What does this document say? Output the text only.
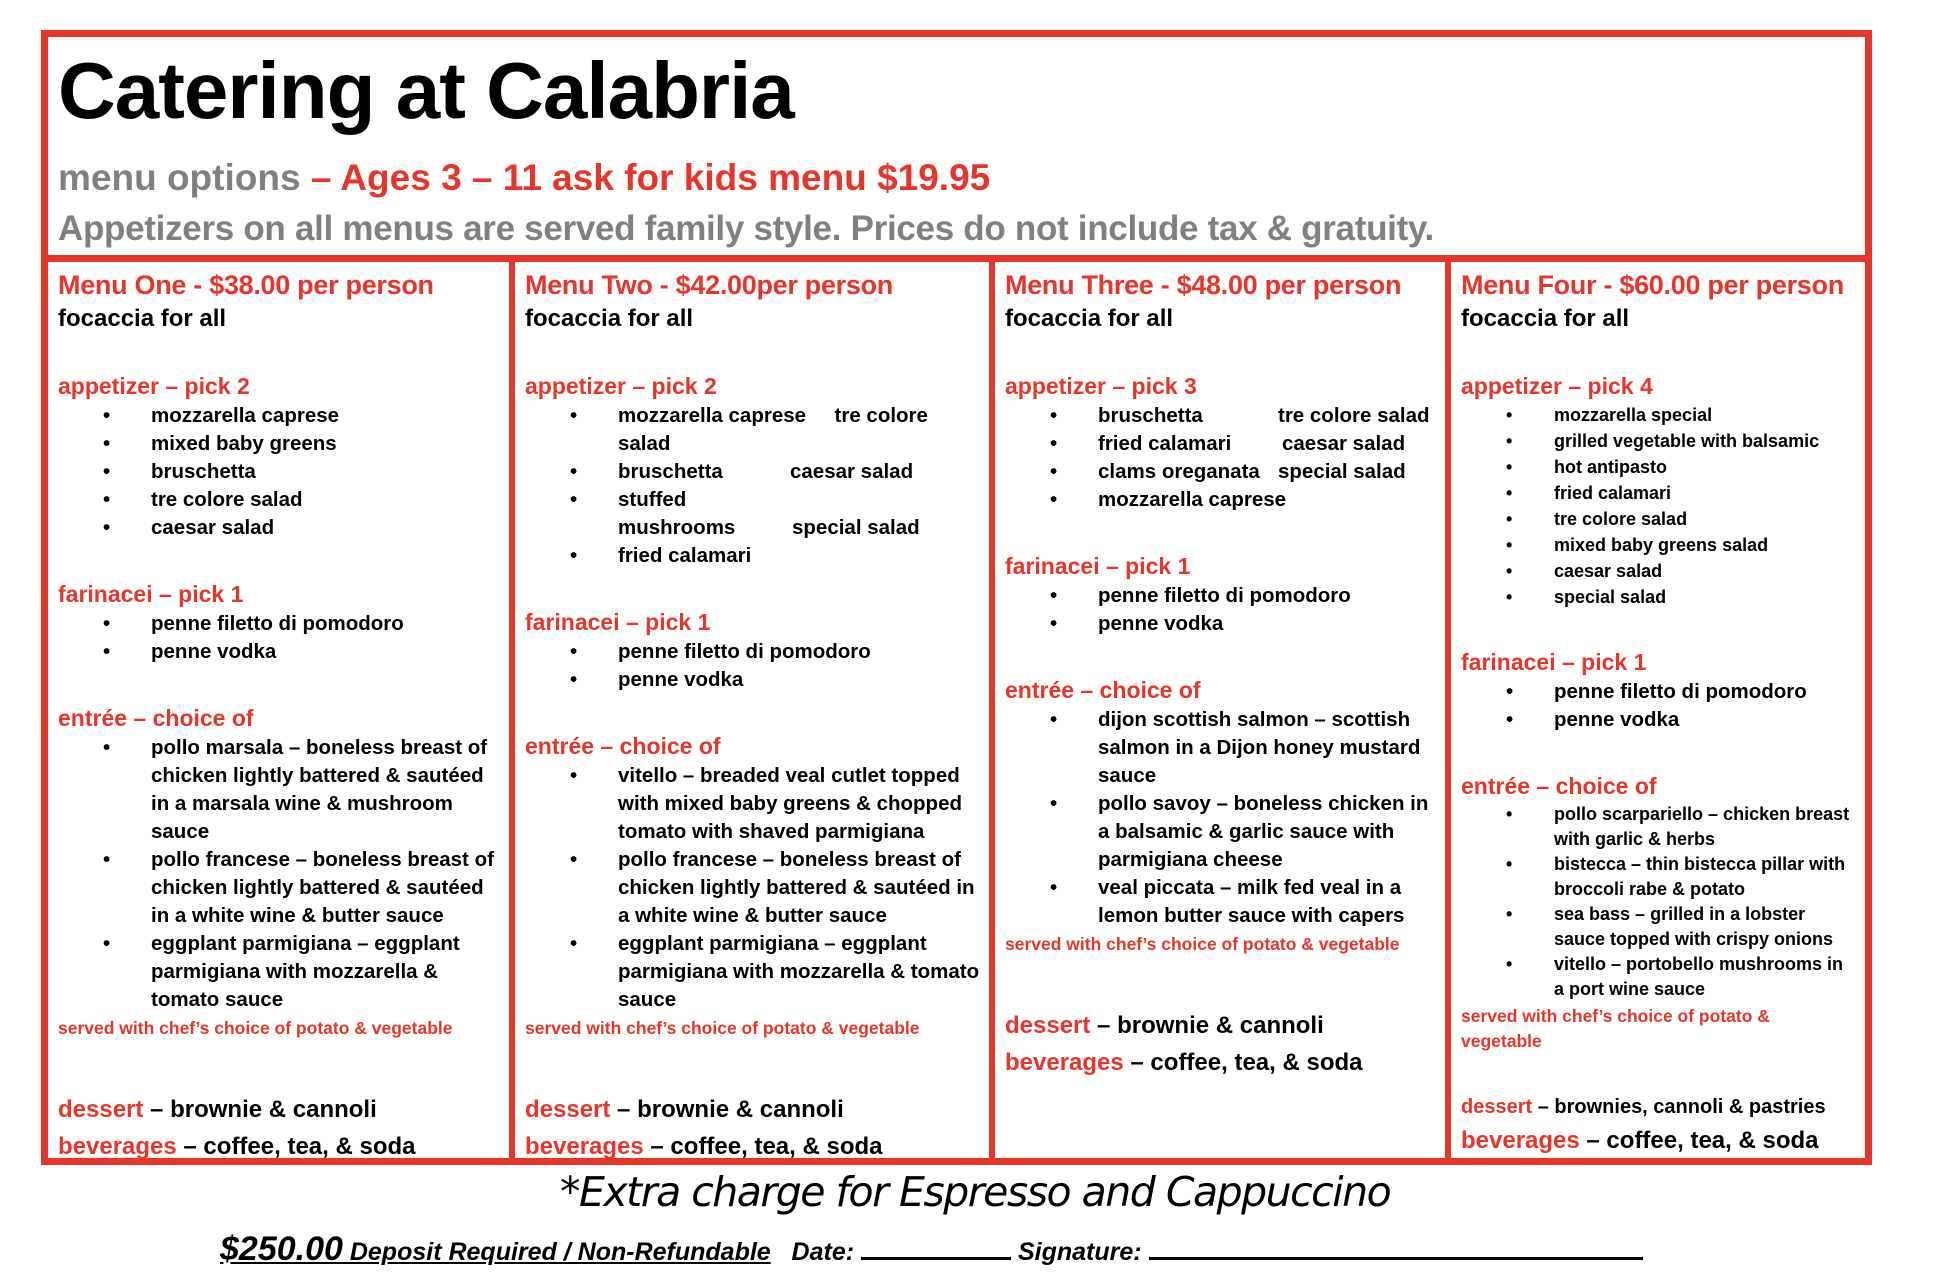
Catering at Calabria
menu options – Ages 3 – 11 ask for kids menu $19.95
Appetizers on all menus are served family style. Prices do not include tax & gratuity.
Menu One - $38.00 per person
focaccia for all
appetizer – pick 2
• mozzarella caprese
• mixed baby greens
• bruschetta
• tre colore salad
• caesar salad
farinacei – pick 1
• penne filetto di pomodoro
• penne vodka
entrée – choice of
• pollo marsala – boneless breast of chicken lightly battered & sautéed in a marsala wine & mushroom sauce
• pollo francese – boneless breast of chicken lightly battered & sautéed in a white wine & butter sauce
• eggplant parmigiana – eggplant parmigiana with mozzarella & tomato sauce
served with chef’s choice of potato & vegetable
dessert – brownie & cannoli
beverages – coffee, tea, & soda
Menu Two - $42.00per person
focaccia for all
appetizer – pick 2
• mozzarella caprese tre colore salad
• bruschetta	caesar salad
• stuffed mushrooms	special salad
• fried calamari
farinacei – pick 1
• penne filetto di pomodoro
• penne vodka
entrée – choice of
• vitello – breaded veal cutlet topped with mixed baby greens & chopped tomato with shaved parmigiana
• pollo francese – boneless breast of chicken lightly battered & sautéed in a white wine & butter sauce
• eggplant parmigiana – eggplant parmigiana with mozzarella & tomato sauce
served with chef’s choice of potato & vegetable
dessert – brownie & cannoli
beverages – coffee, tea, & soda
Menu Three - $48.00 per person
focaccia for all
appetizer – pick 3
• bruschetta	tre colore salad
• fried calamari caesar salad
• clams oreganata special salad
• mozzarella caprese
farinacei – pick 1
• penne filetto di pomodoro
• penne vodka
entrée – choice of
• dijon scottish salmon – scottish salmon in a Dijon honey mustard sauce
• pollo savoy – boneless chicken in a balsamic & garlic sauce with parmigiana cheese
• veal piccata – milk fed veal in a lemon butter sauce with capers
served with chef’s choice of potato & vegetable
dessert – brownie & cannoli
beverages – coffee, tea, & soda
Menu Four - $60.00 per person
focaccia for all
appetizer – pick 4
• mozzarella special
• grilled vegetable with balsamic
• hot antipasto
• fried calamari
• tre colore salad
• mixed baby greens salad
• caesar salad
• special salad
farinacei – pick 1
• penne filetto di pomodoro
• penne vodka
entrée – choice of
• pollo scarpariello – chicken breast with garlic & herbs
• bistecca – thin bistecca pillar with broccoli rabe & potato
• sea bass – grilled in a lobster sauce topped with crispy onions
• vitello – portobello mushrooms in a port wine sauce
served with chef’s choice of potato & vegetable
dessert – brownies, cannoli & pastries
beverages – coffee, tea, & soda
*Extra charge for Espresso and Cappuccino
$250.00 Deposit Required / Non-Refundable Date:	Signature:
